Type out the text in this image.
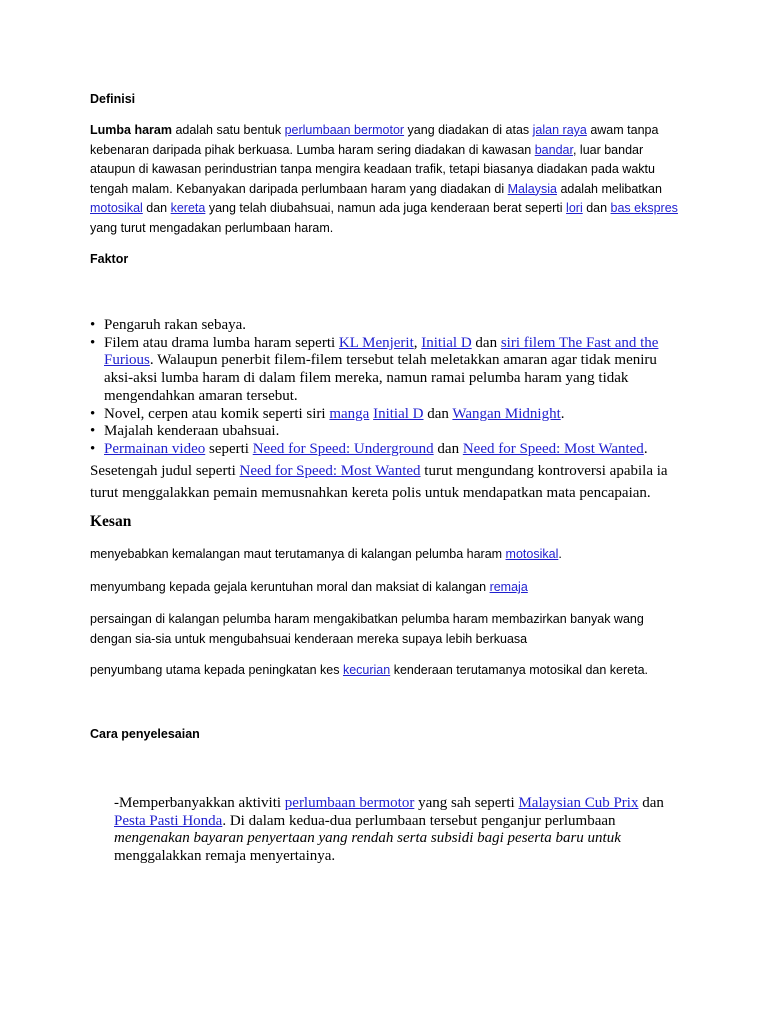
Definisi
Lumba haram adalah satu bentuk perlumbaan bermotor yang diadakan di atas jalan raya awam tanpa kebenaran daripada pihak berkuasa. Lumba haram sering diadakan di kawasan bandar, luar bandar ataupun di kawasan perindustrian tanpa mengira keadaan trafik, tetapi biasanya diadakan pada waktu tengah malam. Kebanyakan daripada perlumbaan haram yang diadakan di Malaysia adalah melibatkan motosikal dan kereta yang telah diubahsuai, namun ada juga kenderaan berat seperti lori dan bas ekspres yang turut mengadakan perlumbaan haram.
Faktor
• Pengaruh rakan sebaya.
• Filem atau drama lumba haram seperti KL Menjerit, Initial D dan siri filem The Fast and the Furious. Walaupun penerbit filem-filem tersebut telah meletakkan amaran agar tidak meniru aksi-aksi lumba haram di dalam filem mereka, namun ramai pelumba haram yang tidak mengendahkan amaran tersebut.
• Novel, cerpen atau komik seperti siri manga Initial D dan Wangan Midnight.
• Majalah kenderaan ubahsuai.
• Permainan video seperti Need for Speed: Underground dan Need for Speed: Most Wanted.
Sesetengah judul seperti Need for Speed: Most Wanted turut mengundang kontroversi apabila ia turut menggalakkan pemain memusnahkan kereta polis untuk mendapatkan mata pencapaian.
Kesan
menyebabkan kemalangan maut terutamanya di kalangan pelumba haram motosikal.
menyumbang kepada gejala keruntuhan moral dan maksiat di kalangan remaja
persaingan di kalangan pelumba haram mengakibatkan pelumba haram membazirkan banyak wang dengan sia-sia untuk mengubahsuai kenderaan mereka supaya lebih berkuasa
penyumbang utama kepada peningkatan kes kecurian kenderaan terutamanya motosikal dan kereta.
Cara penyelesaian
-Memperbanyakkan aktiviti perlumbaan bermotor yang sah seperti Malaysian Cub Prix dan Pesta Pasti Honda. Di dalam kedua-dua perlumbaan tersebut penganjur perlumbaan
mengenakan bayaran penyertaan yang rendah serta subsidi bagi peserta baru untuk
menggalakkan remaja menyertainya.
